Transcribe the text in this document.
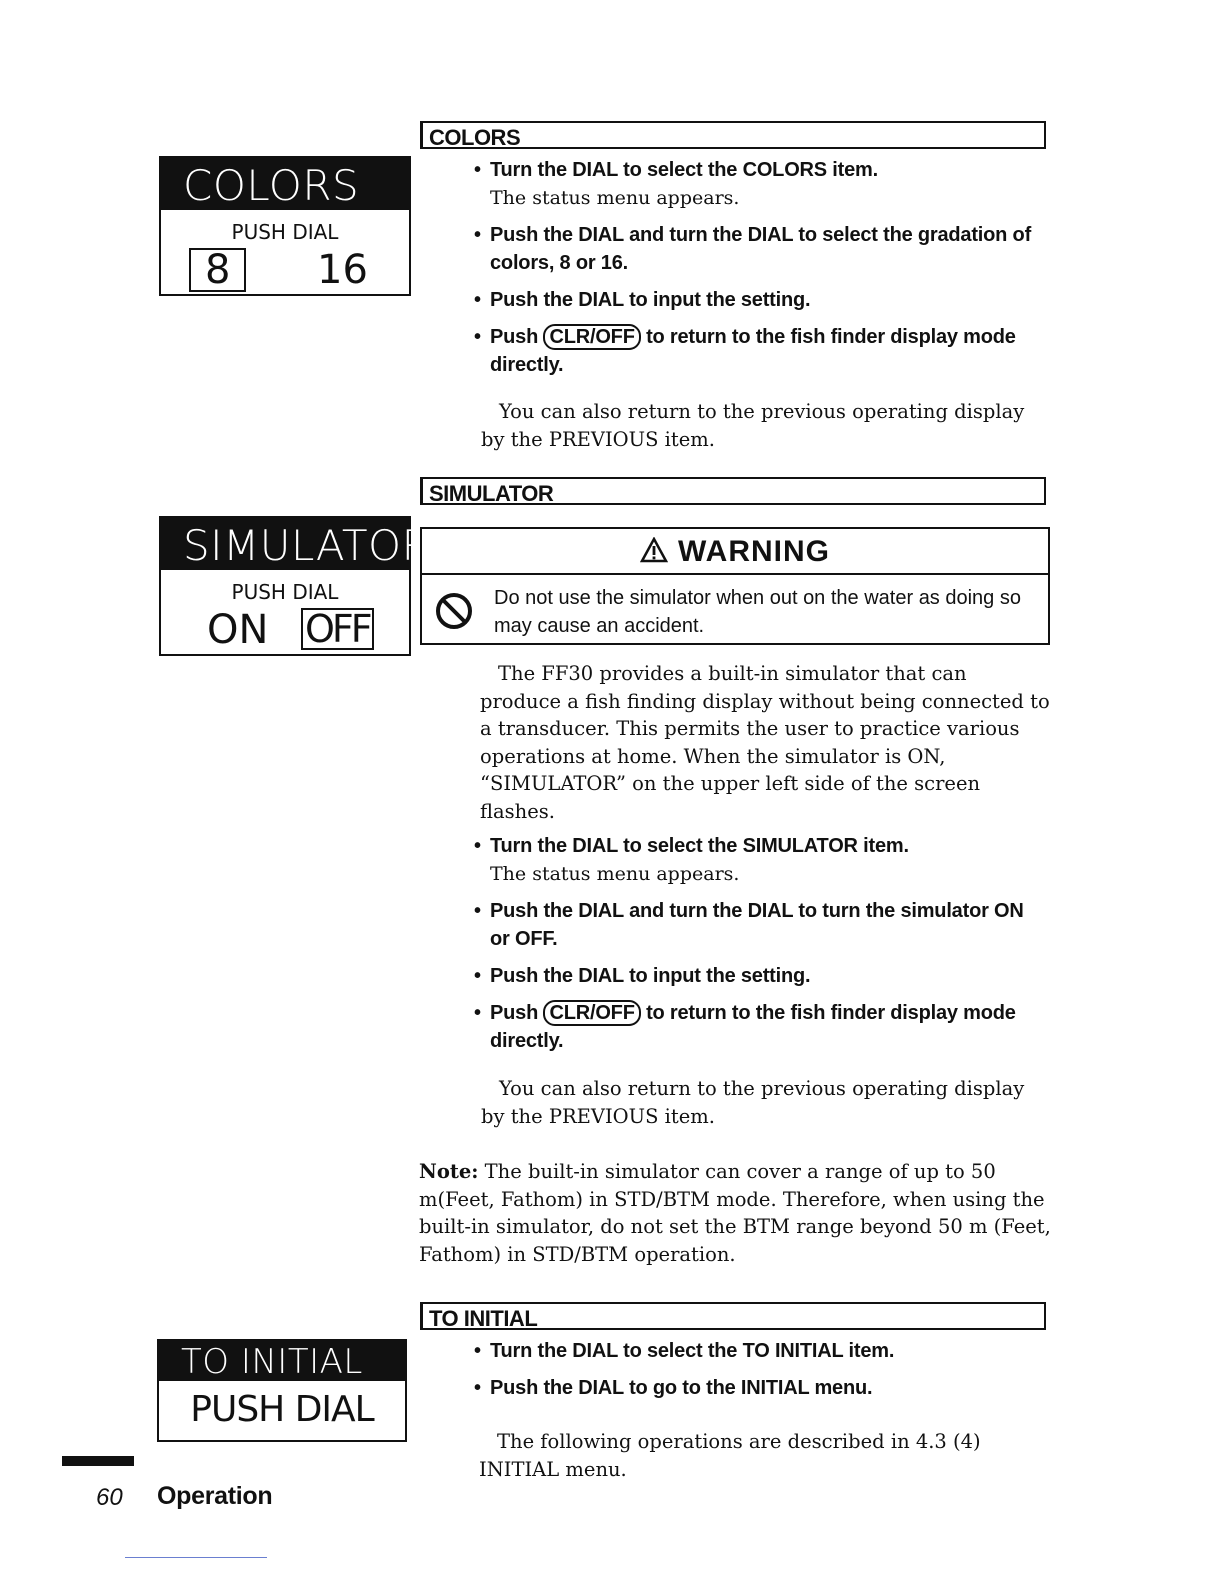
COLORS
PUSH DIAL
8	16
SIMULATOR
PUSH DIAL
ON OFF
TO INITIAL
PUSH DIAL
COLORS
• Turn the DIAL to select the COLORS item.
The status menu appears.
• Push the DIAL and turn the DIAL to select the gradation of colors, 8 or 16.
• Push the DIAL to input the setting.
• Push CLR/OFF to return to the fish finder display mode directly.

You can also return to the previous operating display by the PREVIOUS item.

SIMULATOR
WARNING
Do not use the simulator when out on the water as doing so may cause an accident.

The FF30 provides a built-in simulator that can produce a fish finding display without being connected to a transducer. This permits the user to practice various operations at home. When the simulator is ON, “SIMULATOR” on the upper left side of the screen flashes.

• Turn the DIAL to select the SIMULATOR item.
The status menu appears.
• Push the DIAL and turn the DIAL to turn the simulator ON or OFF.
• Push the DIAL to input the setting.
• Push CLR/OFF to return to the fish finder display mode directly.

You can also return to the previous operating display by the PREVIOUS item.

Note: The built-in simulator can cover a range of up to 50 m(Feet, Fathom) in STD/BTM mode. Therefore, when using the built-in simulator, do not set the BTM range beyond 50 m (Feet, Fathom) in STD/BTM operation.

TO INITIAL
• Turn the DIAL to select the TO INITIAL item.
• Push the DIAL to go to the INITIAL menu.

The following operations are described in 4.3 (4) INITIAL menu.

60 Operation
